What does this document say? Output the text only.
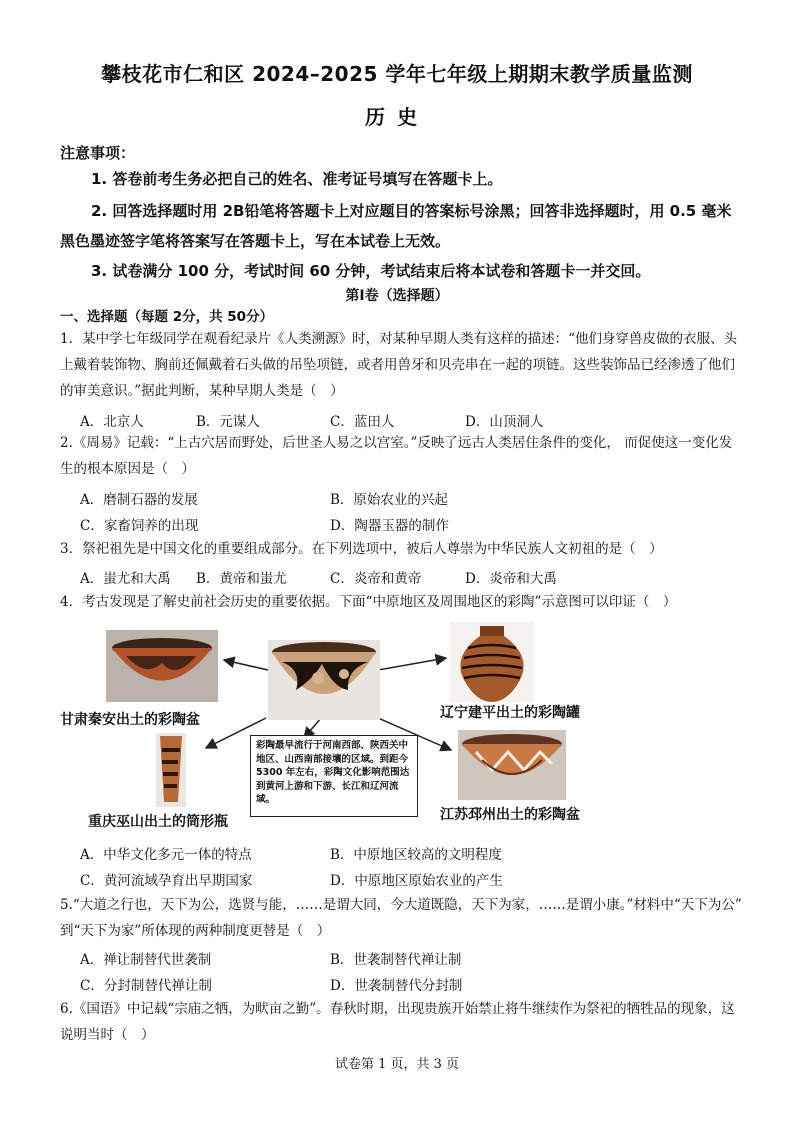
攀枝花市仁和区 2024–2025 学年七年级上期期末教学质量监测
历史
注意事项：
1. 答卷前考生务必把自己的姓名、准考证号填写在答题卡上。
2. 回答选择题时用 2B铅笔将答题卡上对应题目的答案标号涂黑；回答非选择题时，用 0.5 毫米
黑色墨迹签字笔将答案写在答题卡上，写在本试卷上无效。
3. 试卷满分 100 分，考试时间 60 分钟，考试结束后将本试卷和答题卡一并交回。
第Ⅰ卷（选择题）
一、选择题（每题 2分，共 50分）
1．某中学七年级同学在观看纪录片《人类溯源》时，对某种早期人类有这样的描述：“他们身穿兽皮做的衣服、头
上戴着装饰物、胸前还佩戴着石头做的吊坠项链，或者用兽牙和贝壳串在一起的项链。这些装饰品已经渗透了他们
的审美意识。”据此判断，某种早期人类是（　）
A．北京人	B．元谋人	C．蓝田人	D．山顶洞人
2.《周易》记载：“上古穴居而野处，后世圣人易之以宫室。”反映了远古人类居住条件的变化， 而促使这一变化发
生的根本原因是（　）
A．磨制石器的发展	B．原始农业的兴起
C．家畜饲养的出现	D．陶器玉器的制作
3．祭祀祖先是中国文化的重要组成部分。在下列选项中，被后人尊崇为中华民族人文初祖的是（　）
A．蚩尤和大禹 B．黄帝和蚩尤	C．炎帝和黄帝	D．炎帝和大禹
4．考古发现是了解史前社会历史的重要依据。下面“中原地区及周围地区的彩陶”示意图可以印证（　）
甘肃秦安出土的彩陶盆	辽宁建平出土的彩陶罐
重庆巫山出土的筒形瓶	江苏邳州出土的彩陶盆
彩陶最早流行于河南西部、陕西关中地区、山西南部接壤的区域。到距今 5300 年左右，彩陶文化影响范围达到黄河上游和下游、长江和辽河流域。
A．中华文化多元一体的特点	B．中原地区较高的文明程度
C．黄河流域孕育出早期国家	D．中原地区原始农业的产生
5.“大道之行也，天下为公，选贤与能，……是谓大同，今大道既隐，天下为家，……是谓小康。”材料中“天下为公”
到“天下为家”所体现的两种制度更替是（　）
A．禅让制替代世袭制	B．世袭制替代禅让制
C．分封制替代禅让制	D．世袭制替代分封制
6.《国语》中记载“宗庙之牺，为畎亩之勤”。春秋时期，出现贵族开始禁止将牛继续作为祭祀的牺牲品的现象，这
说明当时（　）
试卷第 1 页，共 3 页
